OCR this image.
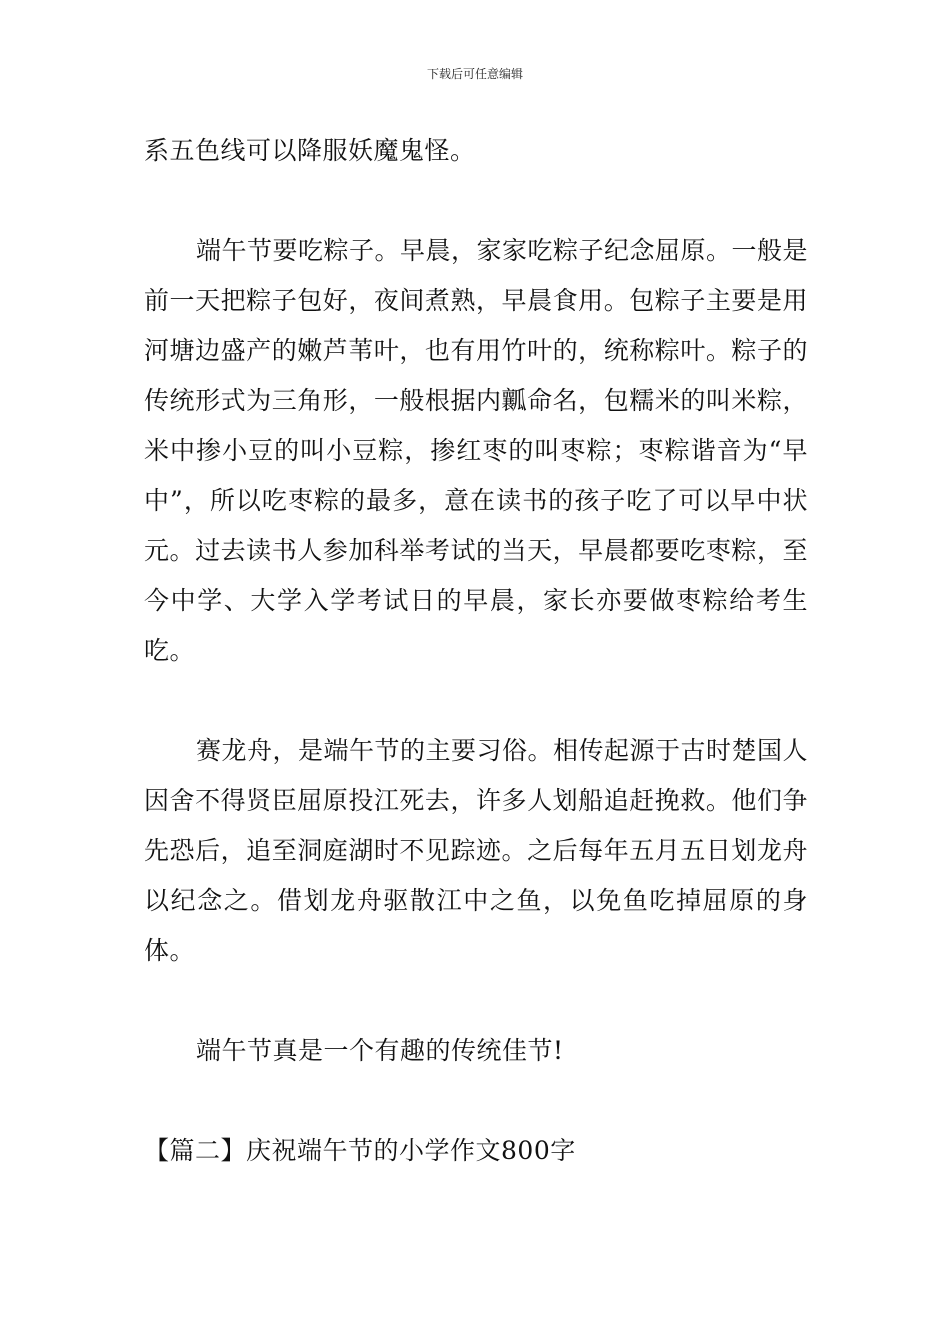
下载后可任意编辑

系五色线可以降服妖魔鬼怪。

端午节要吃粽子。早晨，家家吃粽子纪念屈原。一般是前一天把粽子包好，夜间煮熟，早晨食用。包粽子主要是用河塘边盛产的嫩芦苇叶，也有用竹叶的，统称粽叶。粽子的传统形式为三角形，一般根据内瓤命名，包糯米的叫米粽，米中掺小豆的叫小豆粽，掺红枣的叫枣粽；枣粽谐音为“早中”，所以吃枣粽的最多，意在读书的孩子吃了可以早中状元。过去读书人参加科举考试的当天，早晨都要吃枣粽，至今中学、大学入学考试日的早晨，家长亦要做枣粽给考生吃。

赛龙舟，是端午节的主要习俗。相传起源于古时楚国人因舍不得贤臣屈原投江死去，许多人划船追赶挽救。他们争先恐后，追至洞庭湖时不见踪迹。之后每年五月五日划龙舟以纪念之。借划龙舟驱散江中之鱼，以免鱼吃掉屈原的身体。

端午节真是一个有趣的传统佳节!

【篇二】庆祝端午节的小学作文800字
